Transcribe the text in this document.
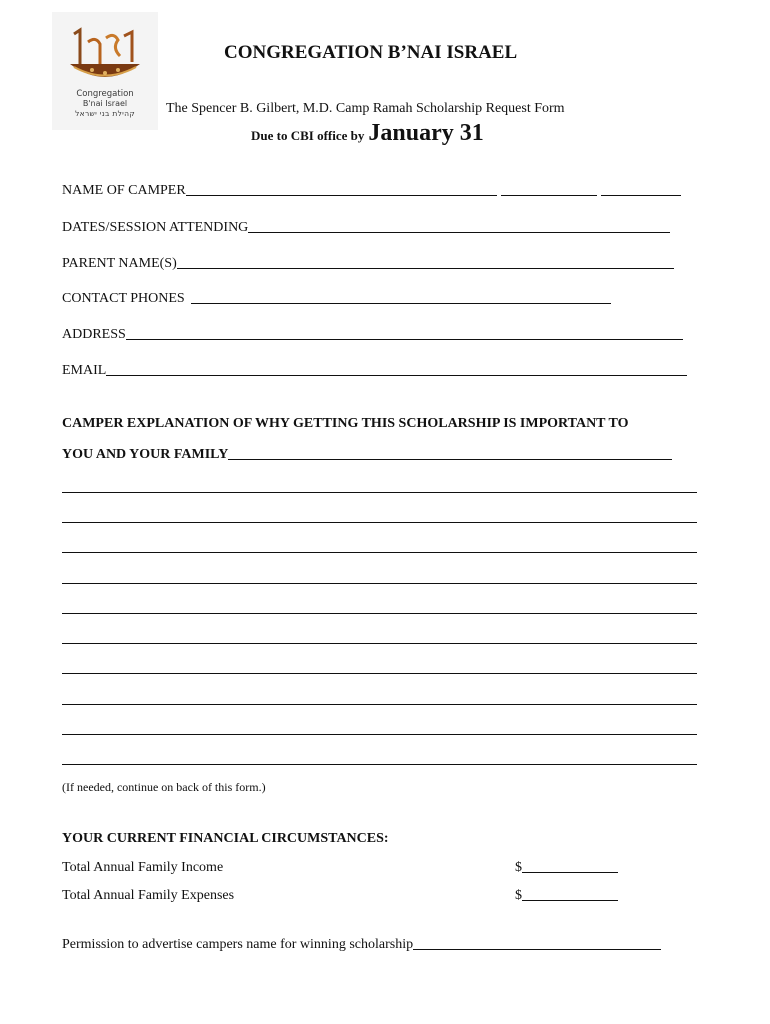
Congregation
B'nai Israel
קהילת בני ישראל
CONGREGATION B’NAI ISRAEL
The Spencer B. Gilbert, M.D. Camp Ramah Scholarship Request Form
Due to CBI office by January 31
NAME OF CAMPER
DATES/SESSION ATTENDING
PARENT NAME(S)
CONTACT PHONES
ADDRESS
EMAIL
CAMPER EXPLANATION OF WHY GETTING THIS SCHOLARSHIP IS IMPORTANT TO
YOU AND YOUR FAMILY
(If needed, continue on back of this form.)
YOUR CURRENT FINANCIAL CIRCUMSTANCES:
Total Annual Family Income	$
Total Annual Family Expenses	$
Permission to advertise campers name for winning scholarship
